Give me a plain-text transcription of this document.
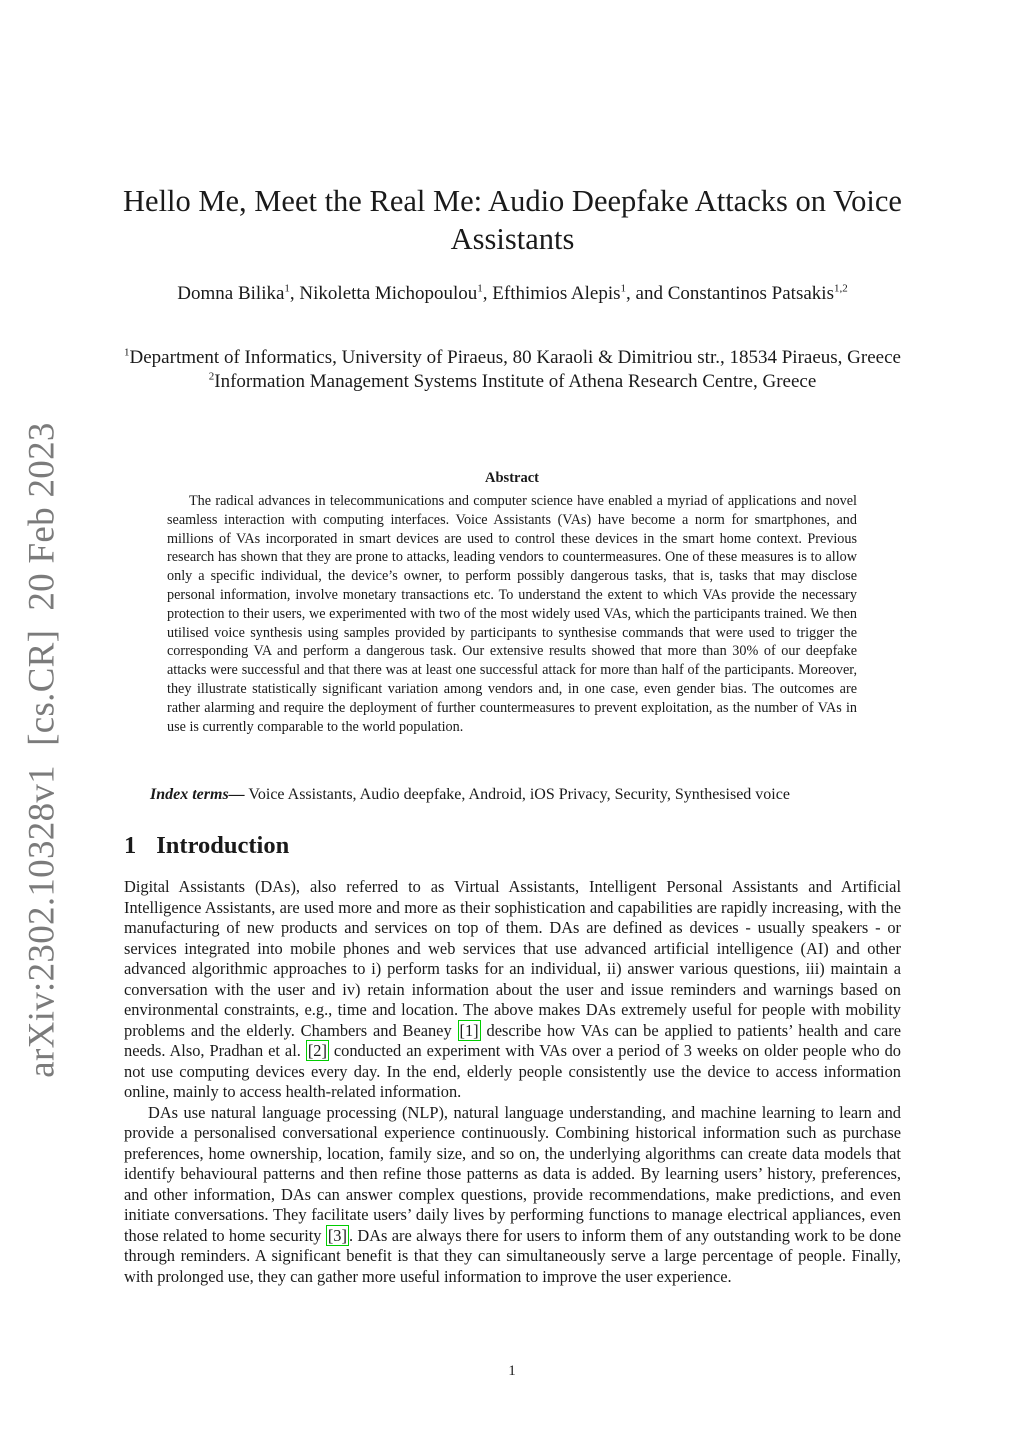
arXiv:2302.10328v1  [cs.CR]  20 Feb 2023
Hello Me, Meet the Real Me: Audio Deepfake Attacks on Voice Assistants
Domna Bilika$^1$, Nikoletta Michopoulou$^1$, Efthimios Alepis$^1$, and Constantinos Patsakis$^{1,2}$
$^1$Department of Informatics, University of Piraeus, 80 Karaoli & Dimitriou str., 18534 Piraeus, Greece
$^2$Information Management Systems Institute of Athena Research Centre, Greece
Abstract

The radical advances in telecommunications and computer science have enabled a myriad of applications and novel seamless interaction with computing interfaces. Voice Assistants (VAs) have become a norm for smartphones, and millions of VAs incorporated in smart devices are used to control these devices in the smart home context. Previous research has shown that they are prone to attacks, leading vendors to countermeasures. One of these measures is to allow only a specific individual, the device’s owner, to perform possibly dangerous tasks, that is, tasks that may disclose personal information, involve monetary transactions etc. To understand the extent to which VAs provide the necessary protection to their users, we experimented with two of the most widely used VAs, which the participants trained. We then utilised voice synthesis using samples provided by participants to synthesise commands that were used to trigger the corresponding VA and perform a dangerous task. Our extensive results showed that more than 30% of our deepfake attacks were successful and that there was at least one successful attack for more than half of the participants. Moreover, they illustrate statistically significant variation among vendors and, in one case, even gender bias. The outcomes are rather alarming and require the deployment of further countermeasures to prevent exploitation, as the number of VAs in use is currently comparable to the world population.

Index terms— Voice Assistants, Audio deepfake, Android, iOS Privacy, Security, Synthesised voice
1 Introduction

Digital Assistants (DAs), also referred to as Virtual Assistants, Intelligent Personal Assistants and Artificial Intelligence Assistants, are used more and more as their sophistication and capabilities are rapidly increasing, with the manufacturing of new products and services on top of them. DAs are defined as devices - usually speakers - or services integrated into mobile phones and web services that use advanced artificial intelligence (AI) and other advanced algorithmic approaches to i) perform tasks for an individual, ii) answer various questions, iii) maintain a conversation with the user and iv) retain information about the user and issue reminders and warnings based on environmental constraints, e.g., time and location. The above makes DAs extremely useful for people with mobility problems and the elderly. Chambers and Beaney [1] describe how VAs can be applied to patients’ health and care needs. Also, Pradhan et al. [2] conducted an experiment with VAs over a period of 3 weeks on older people who do not use computing devices every day. In the end, elderly people consistently use the device to access information online, mainly to access health-related information.

DAs use natural language processing (NLP), natural language understanding, and machine learning to learn and provide a personalised conversational experience continuously. Combining historical information such as purchase preferences, home ownership, location, family size, and so on, the underlying algorithms can create data models that identify behavioural patterns and then refine those patterns as data is added. By learning users’ history, preferences, and other information, DAs can answer complex questions, provide recommendations, make predictions, and even initiate conversations. They facilitate users’ daily lives by performing functions to manage electrical appliances, even those related to home security [3] . DAs are always there for users to inform them of any outstanding work to be done through reminders. A significant benefit is that they can simultaneously serve a large percentage of people. Finally, with prolonged use, they can gather more useful information to improve the user experience.

1
